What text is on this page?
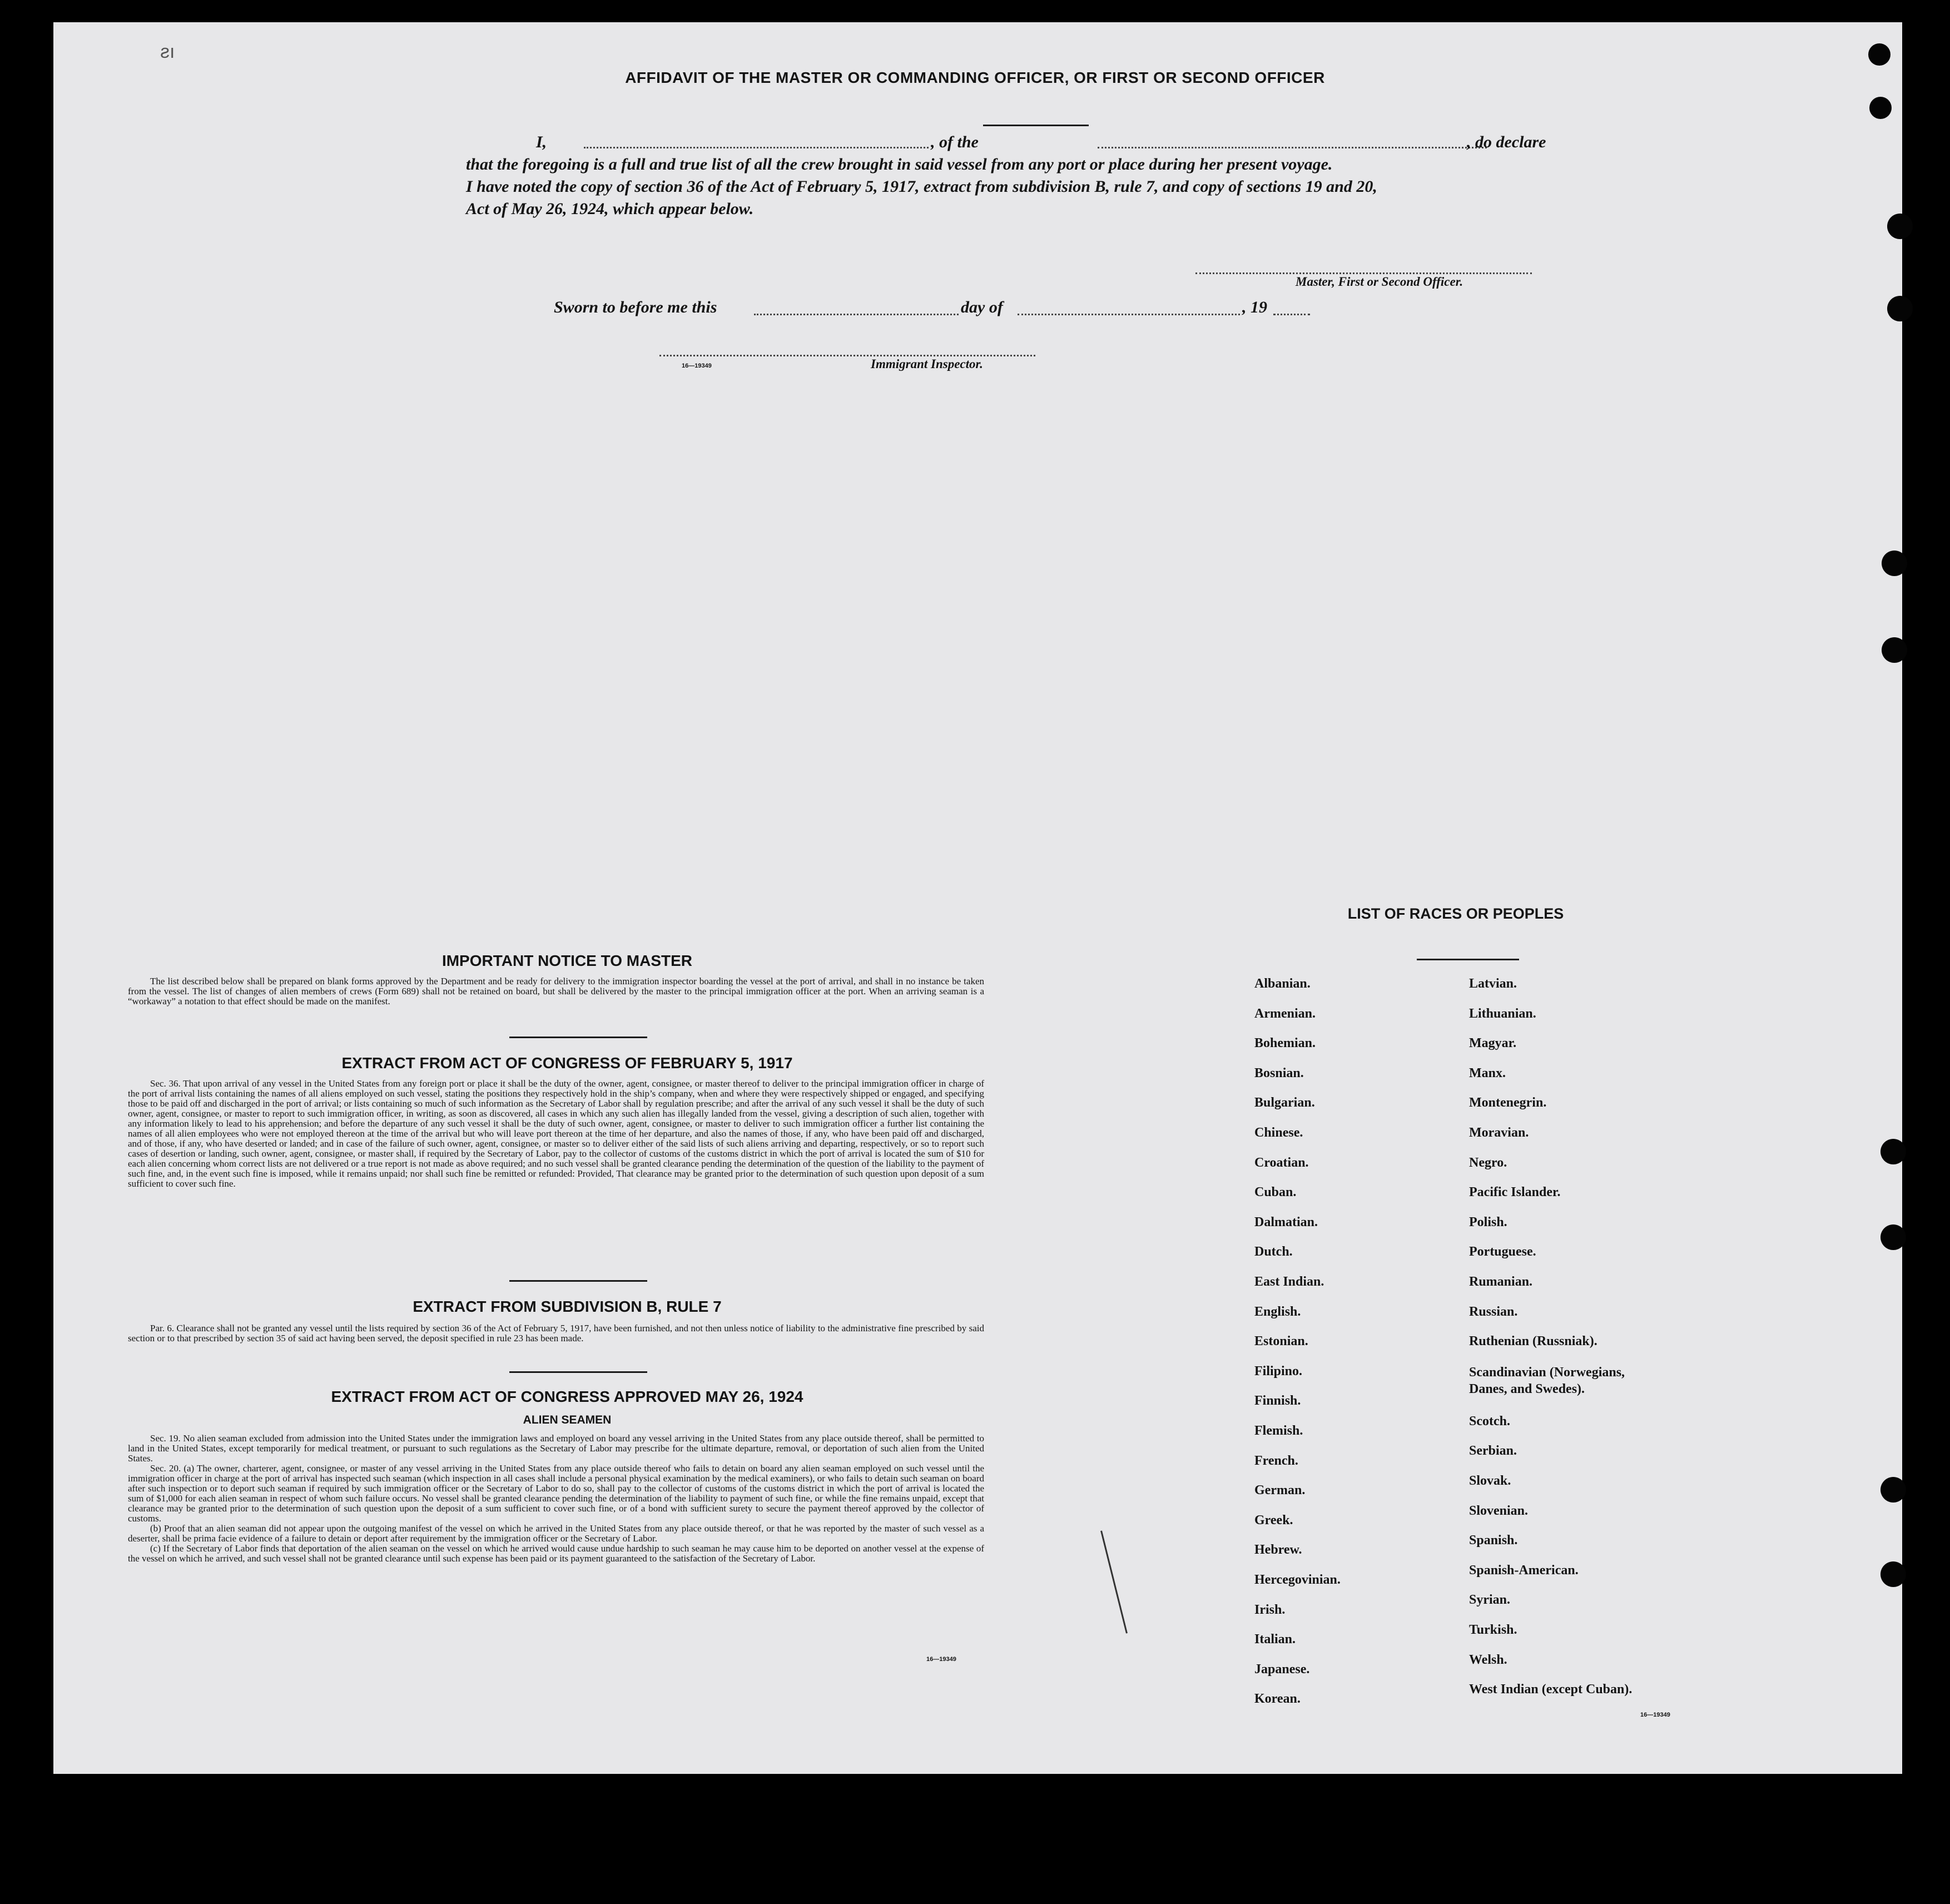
AFFIDAVIT OF THE MASTER OR COMMANDING OFFICER, OR FIRST OR SECOND OFFICER
I,	, of the	, do declare
that the foregoing is a full and true list of all the crew brought in said vessel from any port or place during her present voyage.
I have noted the copy of section 36 of the Act of February 5, 1917, extract from subdivision B, rule 7, and copy of sections 19 and 20,
Act of May 26, 1924, which appear below.
Master, First or Second Officer.
Sworn to before me this	day of	, 19
16—19349	Immigrant Inspector.
IMPORTANT NOTICE TO MASTER

The list described below shall be prepared on blank forms approved by the Department and be ready for delivery to the immigration inspector boarding the vessel at the port of arrival, and shall in no instance be taken from the vessel. The list of changes of alien members of crews (Form 689) shall not be retained on board, but shall be delivered by the master to the principal immigration officer at the port. When an arriving seaman is a “workaway” a notation to that effect should be made on the manifest.

EXTRACT FROM ACT OF CONGRESS OF FEBRUARY 5, 1917

Sec. 36. That upon arrival of any vessel in the United States from any foreign port or place it shall be the duty of the owner, agent, consignee, or master thereof to deliver to the principal immigration officer in charge of the port of arrival lists containing the names of all aliens employed on such vessel, stating the positions they respectively hold in the ship’s company, when and where they were respectively shipped or engaged, and specifying those to be paid off and discharged in the port of arrival; or lists containing so much of such information as the Secretary of Labor shall by regulation prescribe; and after the arrival of any such vessel it shall be the duty of such owner, agent, consignee, or master to report to such immigration officer, in writing, as soon as discovered, all cases in which any such alien has illegally landed from the vessel, giving a description of such alien, together with any information likely to lead to his apprehension; and before the departure of any such vessel it shall be the duty of such owner, agent, consignee, or master to deliver to such immigration officer a further list containing the names of all alien employees who were not employed thereon at the time of the arrival but who will leave port thereon at the time of her departure, and also the names of those, if any, who have been paid off and discharged, and of those, if any, who have deserted or landed; and in case of the failure of such owner, agent, consignee, or master so to deliver either of the said lists of such aliens arriving and departing, respectively, or so to report such cases of desertion or landing, such owner, agent, consignee, or master shall, if required by the Secretary of Labor, pay to the collector of customs of the customs district in which the port of arrival is located the sum of $10 for each alien concerning whom correct lists are not delivered or a true report is not made as above required; and no such vessel shall be granted clearance pending the determination of the question of the liability to the payment of such fine, and, in the event such fine is imposed, while it remains unpaid; nor shall such fine be remitted or refunded: Provided, That clearance may be granted prior to the determination of such question upon deposit of a sum sufficient to cover such fine.

EXTRACT FROM SUBDIVISION B, RULE 7

Par. 6. Clearance shall not be granted any vessel until the lists required by section 36 of the Act of February 5, 1917, have been furnished, and not then unless notice of liability to the administrative fine prescribed by said section or to that prescribed by section 35 of said act having been served, the deposit specified in rule 23 has been made.

EXTRACT FROM ACT OF CONGRESS APPROVED MAY 26, 1924
ALIEN SEAMEN

Sec. 19. No alien seaman excluded from admission into the United States under the immigration laws and employed on board any vessel arriving in the United States from any place outside thereof, shall be permitted to land in the United States, except temporarily for medical treatment, or pursuant to such regulations as the Secretary of Labor may prescribe for the ultimate departure, removal, or deportation of such alien from the United States.

Sec. 20. (a) The owner, charterer, agent, consignee, or master of any vessel arriving in the United States from any place outside thereof who fails to detain on board any alien seaman employed on such vessel until the immigration officer in charge at the port of arrival has inspected such seaman (which inspection in all cases shall include a personal physical examination by the medical examiners), or who fails to detain such seaman on board after such inspection or to deport such seaman if required by such immigration officer or the Secretary of Labor to do so, shall pay to the collector of customs of the customs district in which the port of arrival is located the sum of $1,000 for each alien seaman in respect of whom such failure occurs. No vessel shall be granted clearance pending the determination of the liability to payment of such fine, or while the fine remains unpaid, except that clearance may be granted prior to the determination of such question upon the deposit of a sum sufficient to cover such fine, or of a bond with sufficient surety to secure the payment thereof approved by the collector of customs.

(b) Proof that an alien seaman did not appear upon the outgoing manifest of the vessel on which he arrived in the United States from any place outside thereof, or that he was reported by the master of such vessel as a deserter, shall be prima facie evidence of a failure to detain or deport after requirement by the immigration officer or the Secretary of Labor.

(c) If the Secretary of Labor finds that deportation of the alien seaman on the vessel on which he arrived would cause undue hardship to such seaman he may cause him to be deported on another vessel at the expense of the vessel on which he arrived, and such vessel shall not be granted clearance until such expense has been paid or its payment guaranteed to the satisfaction of the Secretary of Labor.

16—19349
LIST OF RACES OR PEOPLES
Albanian.
Armenian.
Bohemian.
Bosnian.
Bulgarian.
Chinese.
Croatian.
Cuban.
Dalmatian.
Dutch.
East Indian.
English.
Estonian.
Filipino.
Finnish.
Flemish.
French.
German.
Greek.
Hebrew.
Hercegovinian.
Irish.
Italian.
Japanese.
Korean.
Latvian.
Lithuanian.
Magyar.
Manx.
Montenegrin.
Moravian.
Negro.
Pacific Islander.
Polish.
Portuguese.
Rumanian.
Russian.
Ruthenian (Russniak).
Scandinavian (Norwegians,
Danes, and Swedes).
Scotch.
Serbian.
Slovak.
Slovenian.
Spanish.
Spanish-American.
Syrian.
Turkish.
Welsh.
West Indian (except Cuban).
16—19349
ƨı
